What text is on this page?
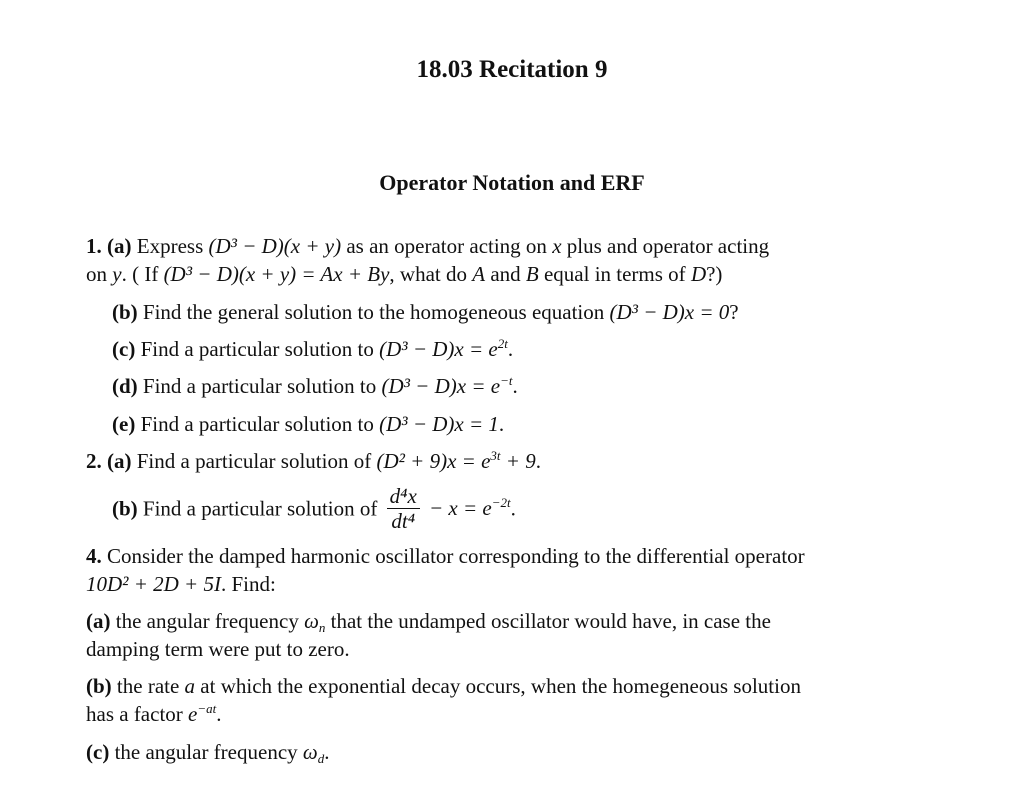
18.03 Recitation 9
Operator Notation and ERF
1. (a) Express (D³ − D)(x + y) as an operator acting on x plus and operator acting
on y. ( If (D³ − D)(x + y) = Ax + By, what do A and B equal in terms of D?)
(b) Find the general solution to the homogeneous equation (D³ − D)x = 0?
(c) Find a particular solution to $(D^3 - D)x = e^{2t}$.
(d) Find a particular solution to $(D^3 - D)x = e^{-t}$.
(e) Find a particular solution to (D³ − D)x = 1.
2. (a) Find a particular solution of $(D^2 + 9)x = e^{3t} + 9$.
(b) Find a particular solution of $\frac{\text{d⁴x}}{\text{dt⁴}} - x = e^{-2t}$.
4. Consider the damped harmonic oscillator corresponding to the differential operator
10D² + 2D + 5I. Find:
(a) the angular frequency $\omega_n$ that the undamped oscillator would have, in case the
damping term were put to zero.
(b) the rate a at which the exponential decay occurs, when the homegeneous solution
has a factor $e^{-at}$.
(c) the angular frequency $\omega_d$.
